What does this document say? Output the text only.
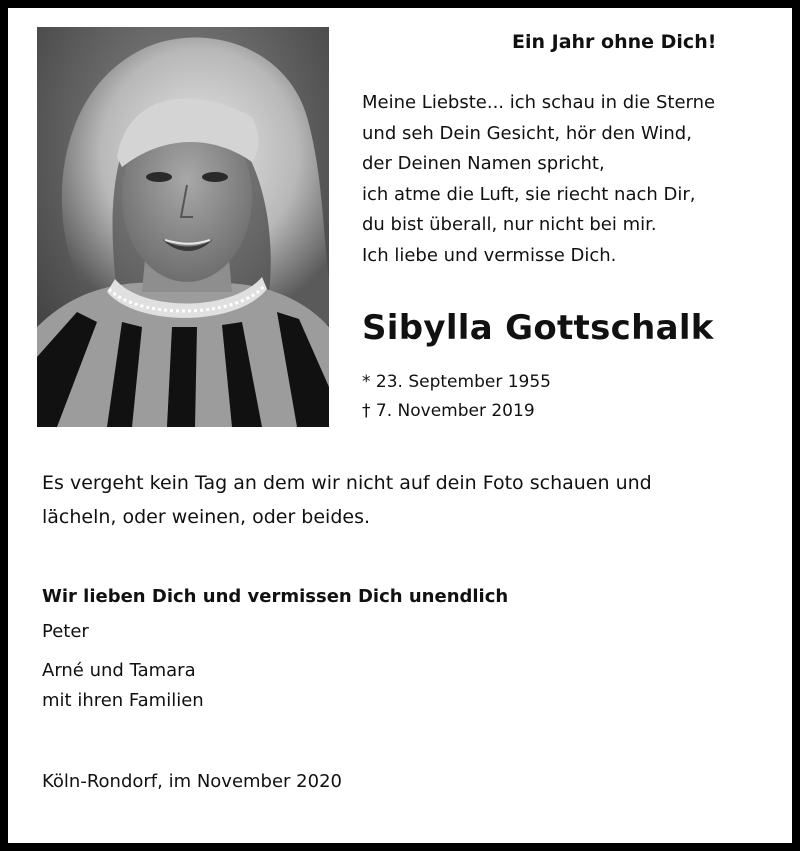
Ein Jahr ohne Dich!
Meine Liebste... ich schau in die Sterne
und seh Dein Gesicht, hör den Wind,
der Deinen Namen spricht,
ich atme die Luft, sie riecht nach Dir,
du bist überall, nur nicht bei mir.
Ich liebe und vermisse Dich.
Sibylla Gottschalk
* 23. September 1955
† 7. November 2019
Es vergeht kein Tag an dem wir nicht auf dein Foto schauen und
lächeln, oder weinen, oder beides.
Wir lieben Dich und vermissen Dich unendlich
Peter
Arné und Tamara
mit ihren Familien
Köln-Rondorf, im November 2020
